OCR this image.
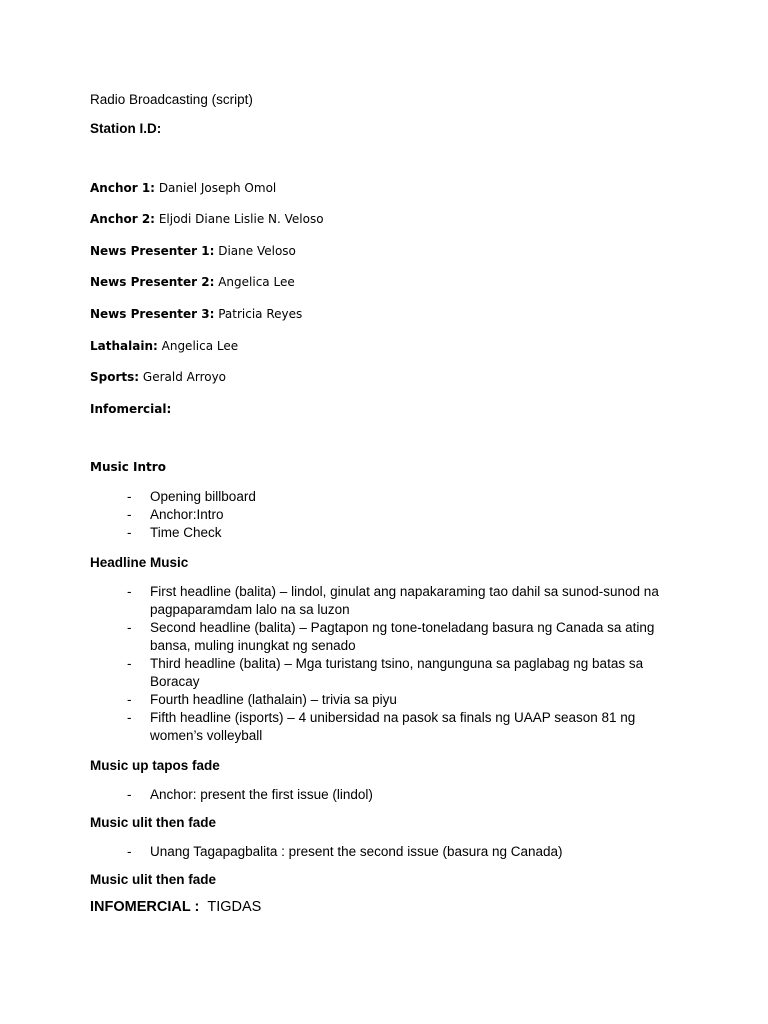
Radio Broadcasting (script)
Station I.D:
Anchor 1: Daniel Joseph Omol
Anchor 2: Eljodi Diane Lislie N. Veloso
News Presenter 1: Diane Veloso
News Presenter 2: Angelica Lee
News Presenter 3: Patricia Reyes
Lathalain: Angelica Lee
Sports: Gerald Arroyo
Infomercial:
Music Intro
- Opening billboard
- Anchor:Intro
- Time Check
Headline Music
- First headline (balita) – lindol, ginulat ang napakaraming tao dahil sa sunod-sunod na pagpaparamdam lalo na sa luzon
- Second headline (balita) – Pagtapon ng tone-toneladang basura ng Canada sa ating bansa, muling inungkat ng senado
- Third headline (balita) – Mga turistang tsino, nangunguna sa paglabag ng batas sa Boracay
- Fourth headline (lathalain) – trivia sa piyu
- Fifth headline (isports) – 4 unibersidad na pasok sa finals ng UAAP season 81 ng women’s volleyball
Music up tapos fade
- Anchor: present the first issue (lindol)
Music ulit then fade
- Unang Tagapagbalita : present the second issue (basura ng Canada)
Music ulit then fade
INFOMERCIAL : TIGDAS
